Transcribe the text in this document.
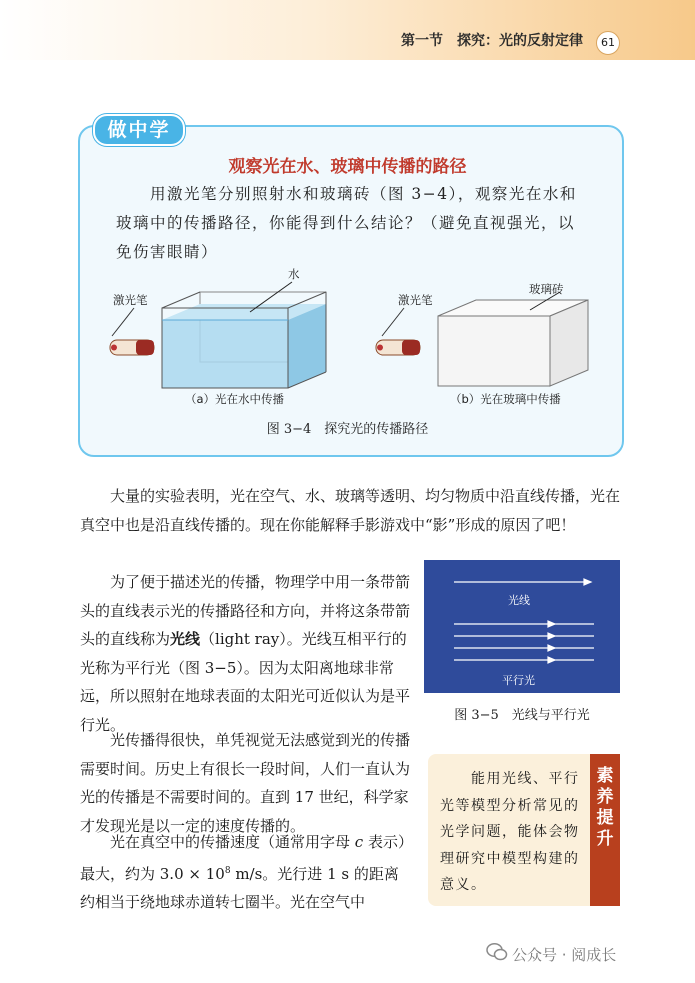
第一节　探究：光的反射定律	61
做中学
观察光在水、玻璃中传播的路径
　　用激光笔分别照射水和玻璃砖（图 3−4），观察光在水和玻璃中的传播路径，你能得到什么结论？（避免直视强光，以免伤害眼睛）
激光笔
水
（a）光在水中传播
激光笔
玻璃砖
（b）光在玻璃中传播
图 3−4　探究光的传播路径
　　大量的实验表明，光在空气、水、玻璃等透明、均匀物质中沿直线传播，光在真空中也是沿直线传播的。现在你能解释手影游戏中“影”形成的原因了吧！
　　为了便于描述光的传播，物理学中用一条带箭头的直线表示光的传播路径和方向，并将这条带箭头的直线称为光线（light ray）。光线互相平行的光称为平行光（图 3−5）。因为太阳离地球非常远，所以照射在地球表面的太阳光可近似认为是平行光。
　　光传播得很快，单凭视觉无法感觉到光的传播需要时间。历史上有很长一段时间，人们一直认为光的传播是不需要时间的。直到 17 世纪，科学家才发现光是以一定的速度传播的。
　　光在真空中的传播速度（通常用字母 c 表示）最大，约为 $3.0 \times 10^8$ m/s。光行进 1 s 的距离约相当于绕地球赤道转七圈半。光在空气中
光线
平行光
图 3−5　光线与平行光
　　能用光线、平行光等模型分析常见的光学问题，能体会物理研究中模型构建的意义。
素养提升
公众号 · 阅成长
